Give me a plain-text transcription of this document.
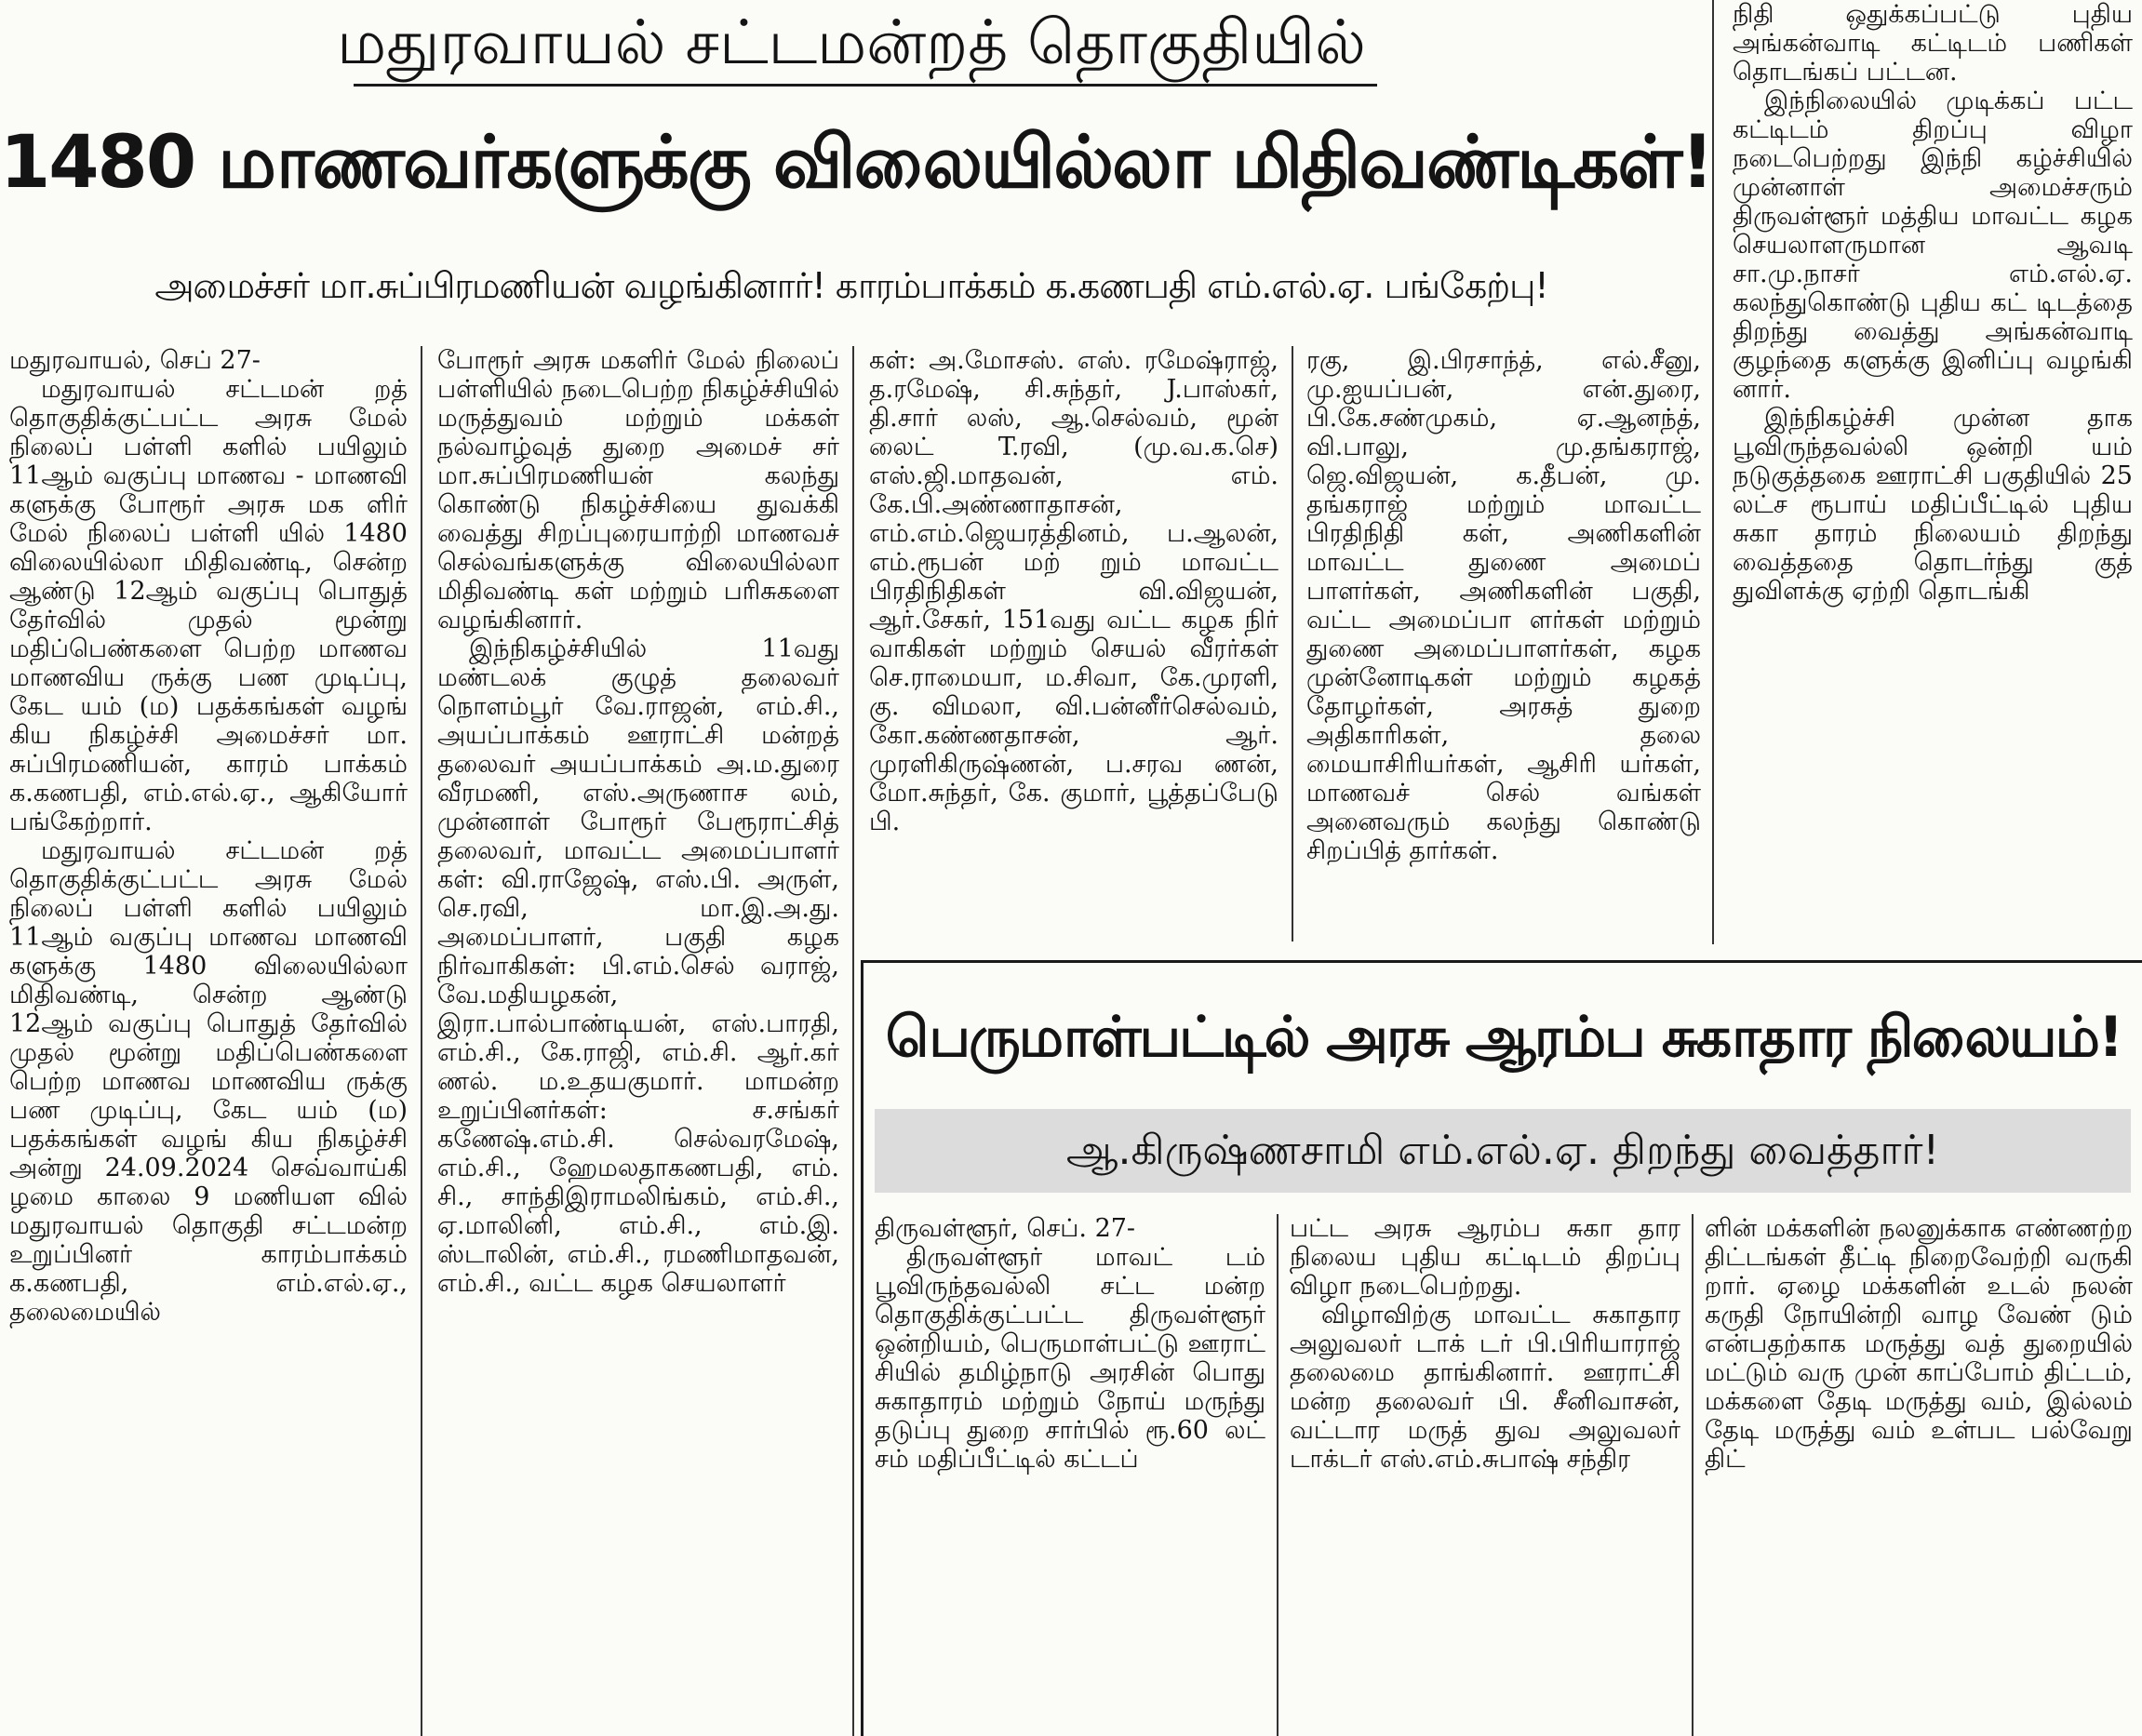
மதுரவாயல் சட்டமன்றத் தொகுதியில்
1480 மாணவர்களுக்கு விலையில்லா மிதிவண்டிகள்!
அமைச்சர் மா.சுப்பிரமணியன் வழங்கினார்! காரம்பாக்கம் க.கணபதி எம்.எல்.ஏ. பங்கேற்பு!

மதுரவாயல், செப் 27-

மதுரவாயல் சட்டமன் றத் தொகுதிக்குட்பட்ட அரசு மேல் நிலைப் பள்ளி களில் பயிலும் 11ஆம் வகுப்பு மாணவ - மாணவி களுக்கு போரூர் அரசு மக ளிர் மேல் நிலைப் பள்ளி யில் 1480 விலையில்லா மிதிவண்டி, சென்ற ஆண்டு 12ஆம் வகுப்பு பொதுத் தேர்வில் முதல் மூன்று மதிப்பெண்களை பெற்ற மாணவ மாணவிய ருக்கு பண முடிப்பு, கேட யம் (ம) பதக்கங்கள் வழங் கிய நிகழ்ச்சி அமைச்சர் மா. சுப்பிரமணியன், காரம் பாக்கம் க.கணபதி, எம்.எல்.ஏ., ஆகியோர் பங்கேற்றார்.

மதுரவாயல் சட்டமன் றத் தொகுதிக்குட்பட்ட அரசு மேல் நிலைப் பள்ளி களில் பயிலும் 11ஆம் வகுப்பு மாணவ மாணவி களுக்கு 1480 விலையில்லா மிதிவண்டி, சென்ற ஆண்டு 12ஆம் வகுப்பு பொதுத் தேர்வில் முதல் மூன்று மதிப்பெண்களை பெற்ற மாணவ மாணவிய ருக்கு பண முடிப்பு, கேட யம் (ம) பதக்கங்கள் வழங் கிய நிகழ்ச்சி அன்று 24.09.2024 செவ்வாய்கி ழமை காலை 9 மணியள வில் மதுரவாயல் தொகுதி சட்டமன்ற உறுப்பினர் காரம்பாக்கம் க.கணபதி, எம்.எல்.ஏ., தலைமையில்

போரூர் அரசு மகளிர் மேல் நிலைப் பள்ளியில் நடைபெற்ற நிகழ்ச்சியில் மருத்துவம் மற்றும் மக்கள் நல்வாழ்வுத் துறை அமைச் சர் மா.சுப்பிரமணியன் கலந்து கொண்டு நிகழ்ச்சியை துவக்கி வைத்து சிறப்புரையாற்றி மாணவச் செல்வங்களுக்கு விலையில்லா மிதிவண்டி கள் மற்றும் பரிசுகளை வழங்கினார்.

இந்நிகழ்ச்சியில் 11வது மண்டலக் குழுத் தலைவர் நொளம்பூர் வே.ராஜன், எம்.சி., அயப்பாக்கம் ஊராட்சி மன்றத் தலைவர் அயப்பாக்கம் அ.ம.துரை வீரமணி, எஸ்.அருணாச லம், முன்னாள் போரூர் பேரூராட்சித் தலைவர், மாவட்ட அமைப்பாளர் கள்: வி.ராஜேஷ், எஸ்.பி. அருள், செ.ரவி, மா.இ.அ.து. அமைப்பாளர், பகுதி கழக நிர்வாகிகள்: பி.எம்.செல் வராஜ், வே.மதியழகன், இரா.பால்பாண்டியன், எஸ்.பாரதி, எம்.சி., கே.ராஜி, எம்.சி. ஆர்.கர் ணல். ம.உதயகுமார். மாமன்ற உறுப்பினர்கள்: ச.சங்கர் கணேஷ்.எம்.சி. செல்வரமேஷ், எம்.சி., ஹேமலதாகணபதி, எம். சி., சாந்திஇராமலிங்கம், எம்.சி., ஏ.மாலினி, எம்.சி., எம்.இ. ஸ்டாலின், எம்.சி., ரமணிமாதவன், எம்.சி., வட்ட கழக செயலாளர்

கள்: அ.மோசஸ். எஸ். ரமேஷ்ராஜ், த.ரமேஷ், சி.சுந்தர், J.பாஸ்கர், தி.சார் லஸ், ஆ.செல்வம், மூன் லைட் T.ரவி, (மு.வ.க.செ) எஸ்.ஜி.மாதவன், எம். கே.பி.அண்ணாதாசன், எம்.எம்.ஜெயரத்தினம், ப.ஆலன், எம்.ரூபன் மற் றும் மாவட்ட பிரதிநிதிகள் வி.விஜயன், ஆர்.சேகர், 151வது வட்ட கழக நிர் வாகிகள் மற்றும் செயல் வீரர்கள் செ.ராமையா, ம.சிவா, கே.முரளி, கு. விமலா, வி.பன்னீர்செல்வம், கோ.கண்ணதாசன், ஆர். முரளிகிருஷ்ணன், ப.சரவ ணன், மோ.சுந்தர், கே. குமார், பூத்தப்பேடு பி.

ரகு, இ.பிரசாந்த், எல்.சீனு, மு.ஐயப்பன், என்.துரை, பி.கே.சண்முகம், ஏ.ஆனந்த், வி.பாலு, மு.தங்கராஜ், ஜெ.விஜயன், க.தீபன், மு. தங்கராஜ் மற்றும் மாவட்ட பிரதிநிதி கள், அணிகளின் மாவட்ட துணை அமைப் பாளர்கள், அணிகளின் பகுதி, வட்ட அமைப்பா ளர்கள் மற்றும் துணை அமைப்பாளர்கள், கழக முன்னோடிகள் மற்றும் கழகத் தோழர்கள், அரசுத் துறை அதிகாரிகள், தலை மையாசிரியர்கள், ஆசிரி யர்கள், மாணவச் செல் வங்கள் அனைவரும் கலந்து கொண்டு சிறப்பித் தார்கள்.

நிதி ஒதுக்கப்பட்டு புதிய அங்கன்வாடி கட்டிடம் பணிகள் தொடங்கப் பட்டன.

இந்நிலையில் முடிக்கப் பட்ட கட்டிடம் திறப்பு விழா நடைபெற்றது இந்நி கழ்ச்சியில் முன்னாள் அமைச்சரும் திருவள்ளூர் மத்திய மாவட்ட கழக செயலாளருமான ஆவடி சா.மு.நாசர் எம்.எல்.ஏ. கலந்துகொண்டு புதிய கட் டிடத்தை திறந்து வைத்து அங்கன்வாடி குழந்தை களுக்கு இனிப்பு வழங்கி னார்.

இந்நிகழ்ச்சி முன்ன தாக பூவிருந்தவல்லி ஒன்றி யம் நடுகுத்தகை ஊராட்சி பகுதியில் 25 லட்ச ரூபாய் மதிப்பீட்டில் புதிய சுகா தாரம் நிலையம் திறந்து வைத்ததை தொடர்ந்து குத் துவிளக்கு ஏற்றி தொடங்கி

பெருமாள்பட்டில் அரசு ஆரம்ப சுகாதார நிலையம்!
ஆ.கிருஷ்ணசாமி எம்.எல்.ஏ. திறந்து வைத்தார்!

திருவள்ளூர், செப். 27-

திருவள்ளூர் மாவட் டம் பூவிருந்தவல்லி சட்ட மன்ற தொகுதிக்குட்பட்ட திருவள்ளூர் ஒன்றியம், பெருமாள்பட்டு ஊராட் சியில் தமிழ்நாடு அரசின் பொது சுகாதாரம் மற்றும் நோய் மருந்து தடுப்பு துறை சார்பில் ரூ.60 லட் சம் மதிப்பீட்டில் கட்டப்

பட்ட அரசு ஆரம்ப சுகா தார நிலைய புதிய கட்டிடம் திறப்பு விழா நடைபெற்றது.

விழாவிற்கு மாவட்ட சுகாதார அலுவலர் டாக் டர் பி.பிரியாராஜ் தலைமை தாங்கினார். ஊராட்சி மன்ற தலைவர் பி. சீனிவாசன், வட்டார மருத் துவ அலுவலர் டாக்டர் எஸ்.எம்.சுபாஷ் சந்திர

ளின் மக்களின் நலனுக்காக எண்ணற்ற திட்டங்கள் தீட்டி நிறைவேற்றி வருகி றார். ஏழை மக்களின் உடல் நலன் கருதி நோயின்றி வாழ வேண் டும் என்பதற்காக மருத்து வத் துறையில் மட்டும் வரு முன் காப்போம் திட்டம், மக்களை தேடி மருத்து வம், இல்லம் தேடி மருத்து வம் உள்பட பல்வேறு திட்
